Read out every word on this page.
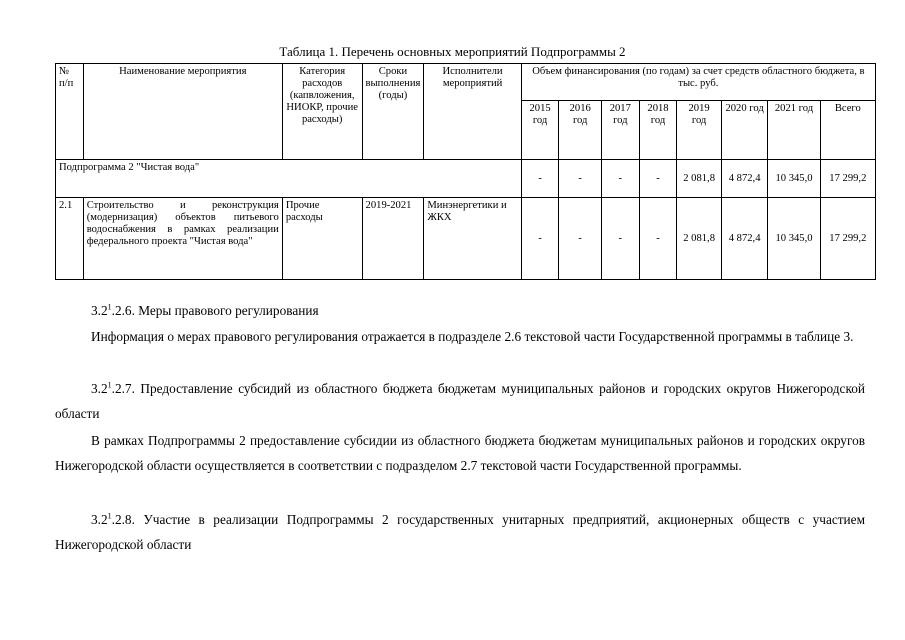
Таблица 1. Перечень основных мероприятий Подпрограммы 2
№ п/п	Наименование мероприятия	Категория расходов (капвложения, НИОКР, прочие расходы)	Сроки выполнения (годы)	Исполнители мероприятий	Объем финансирования (по годам) за счет средств областного бюджета, в тыс. руб.							
					2015 год	2016 год	2017 год	2018 год	2019 год	2020 год	2021 год	Всего
Подпрограмма 2 "Чистая вода"					-	-	-	-	2 081,8	4 872,4	10 345,0	17 299,2
2.1	Строительство и реконструкция (модернизация) объектов питьевого водоснабжения в рамках реализации федерального проекта "Чистая вода"	Прочие расходы	2019-2021	Минэнергетики и ЖКХ	-	-	-	-	2 081,8	4 872,4	10 345,0	17 299,2
$3.2^1.2.6$. Меры правового регулирования
Информация о мерах правового регулирования отражается в подразделе 2.6 текстовой части Государственной программы в таблице 3.
$3.2^1.2.7$. Предоставление субсидий из областного бюджета бюджетам муниципальных районов и городских округов Нижегородской области
В рамках Подпрограммы 2 предоставление субсидии из областного бюджета бюджетам муниципальных районов и городских округов Нижегородской области осуществляется в соответствии с подразделом 2.7 текстовой части Государственной программы.
$3.2^1.2.8$. Участие в реализации Подпрограммы 2 государственных унитарных предприятий, акционерных обществ с участием Нижегородской области
